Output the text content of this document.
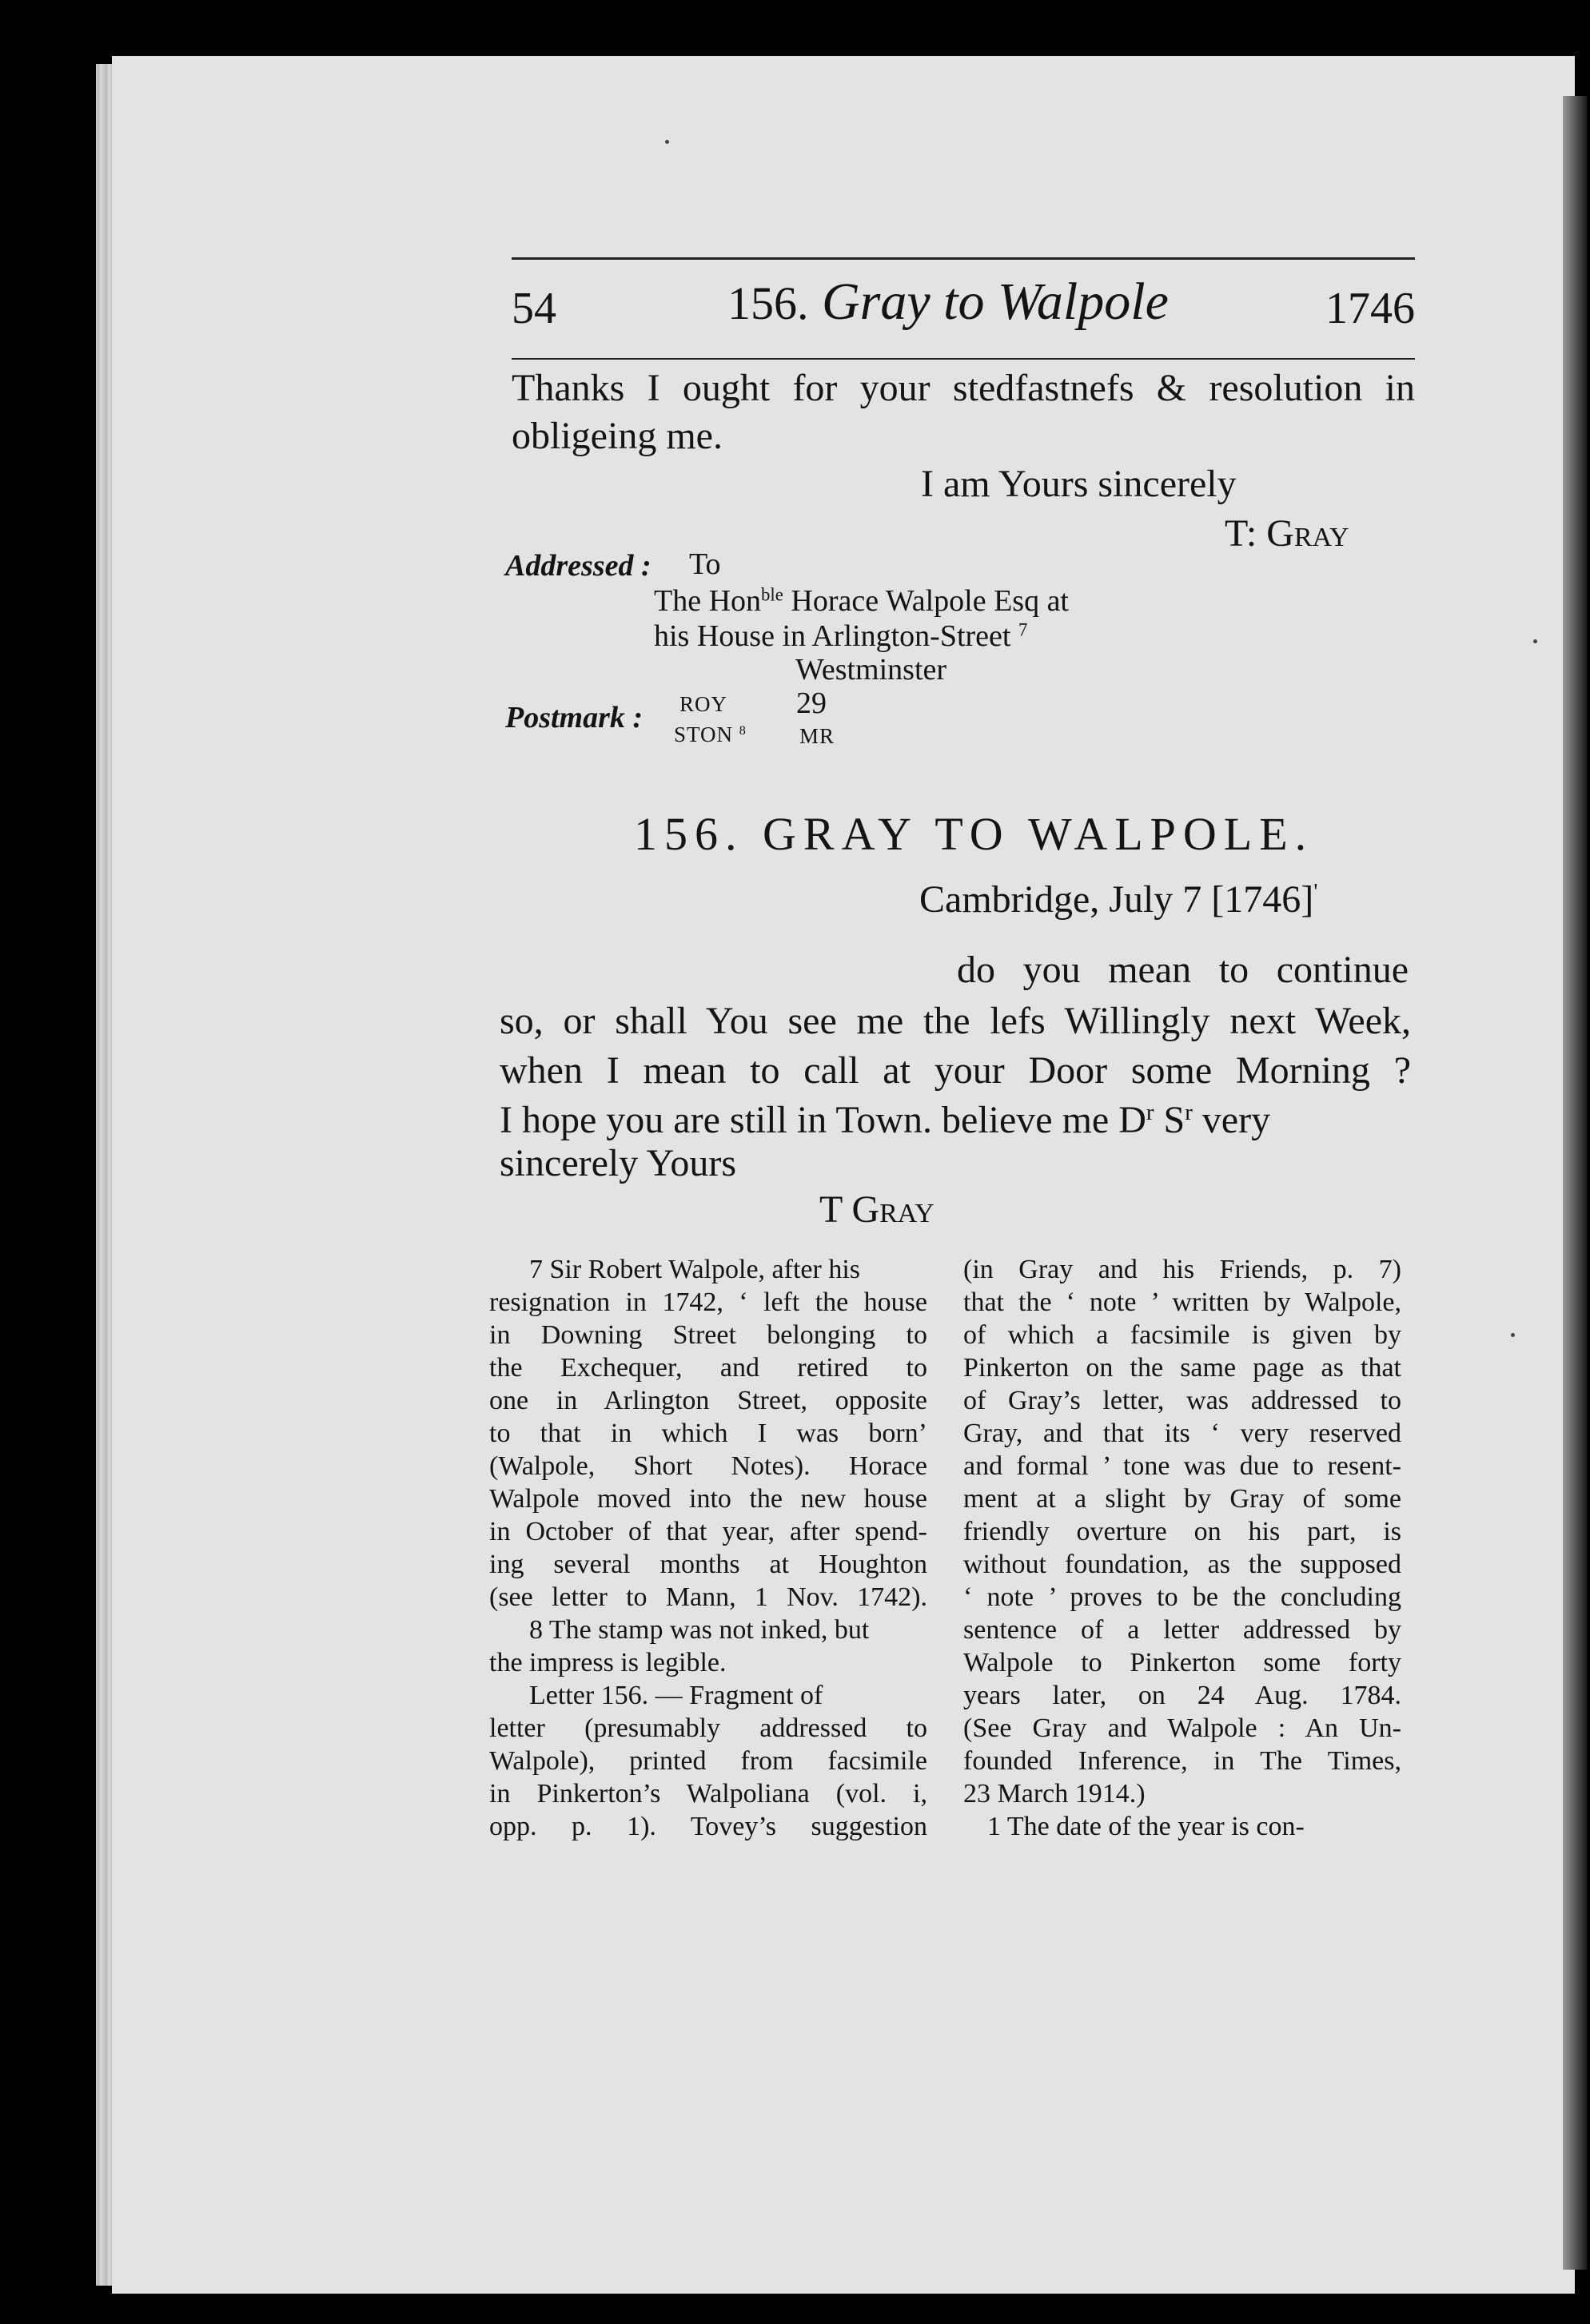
54	156. Gray to Walpole	1746
Thanks I ought for your stedfastnefs & resolution in
obligeing me.
I am Yours sincerely
T: Gray
Addressed : To
The Hon$^{ble}$ Horace Walpole Esq at
his House in Arlington-Street $^7$
Westminster
Postmark : ROY
STON $^8$
29
MR
156. GRAY TO WALPOLE.
Cambridge, July 7 [1746]'
do you mean to continue
so, or shall You see me the lefs Willingly next Week,
when I mean to call at your Door some Morning ?
I hope you are still in Town. believe me $D^r$ $S^r$ very
sincerely Yours
T Gray
7 Sir Robert Walpole, after his
resignation in 1742, ‘ left the house
in Downing Street belonging to
the Exchequer, and retired to
one in Arlington Street, opposite
to that in which I was born’
(Walpole, Short Notes). Horace
Walpole moved into the new house
in October of that year, after spend-
ing several months at Houghton
(see letter to Mann, 1 Nov. 1742).
8 The stamp was not inked, but
the impress is legible.
Letter 156. — Fragment of
letter (presumably addressed to
Walpole), printed from facsimile
in Pinkerton’s Walpoliana (vol. i,
opp. p. 1). Tovey’s suggestion
(in Gray and his Friends, p. 7)
that the ‘ note ’ written by Walpole,
of which a facsimile is given by
Pinkerton on the same page as that
of Gray’s letter, was addressed to
Gray, and that its ‘ very reserved
and formal ’ tone was due to resent-
ment at a slight by Gray of some
friendly overture on his part, is
without foundation, as the supposed
‘ note ’ proves to be the concluding
sentence of a letter addressed by
Walpole to Pinkerton some forty
years later, on 24 Aug. 1784.
(See Gray and Walpole : An Un-
founded Inference, in The Times,
23 March 1914.)
1 The date of the year is con-
